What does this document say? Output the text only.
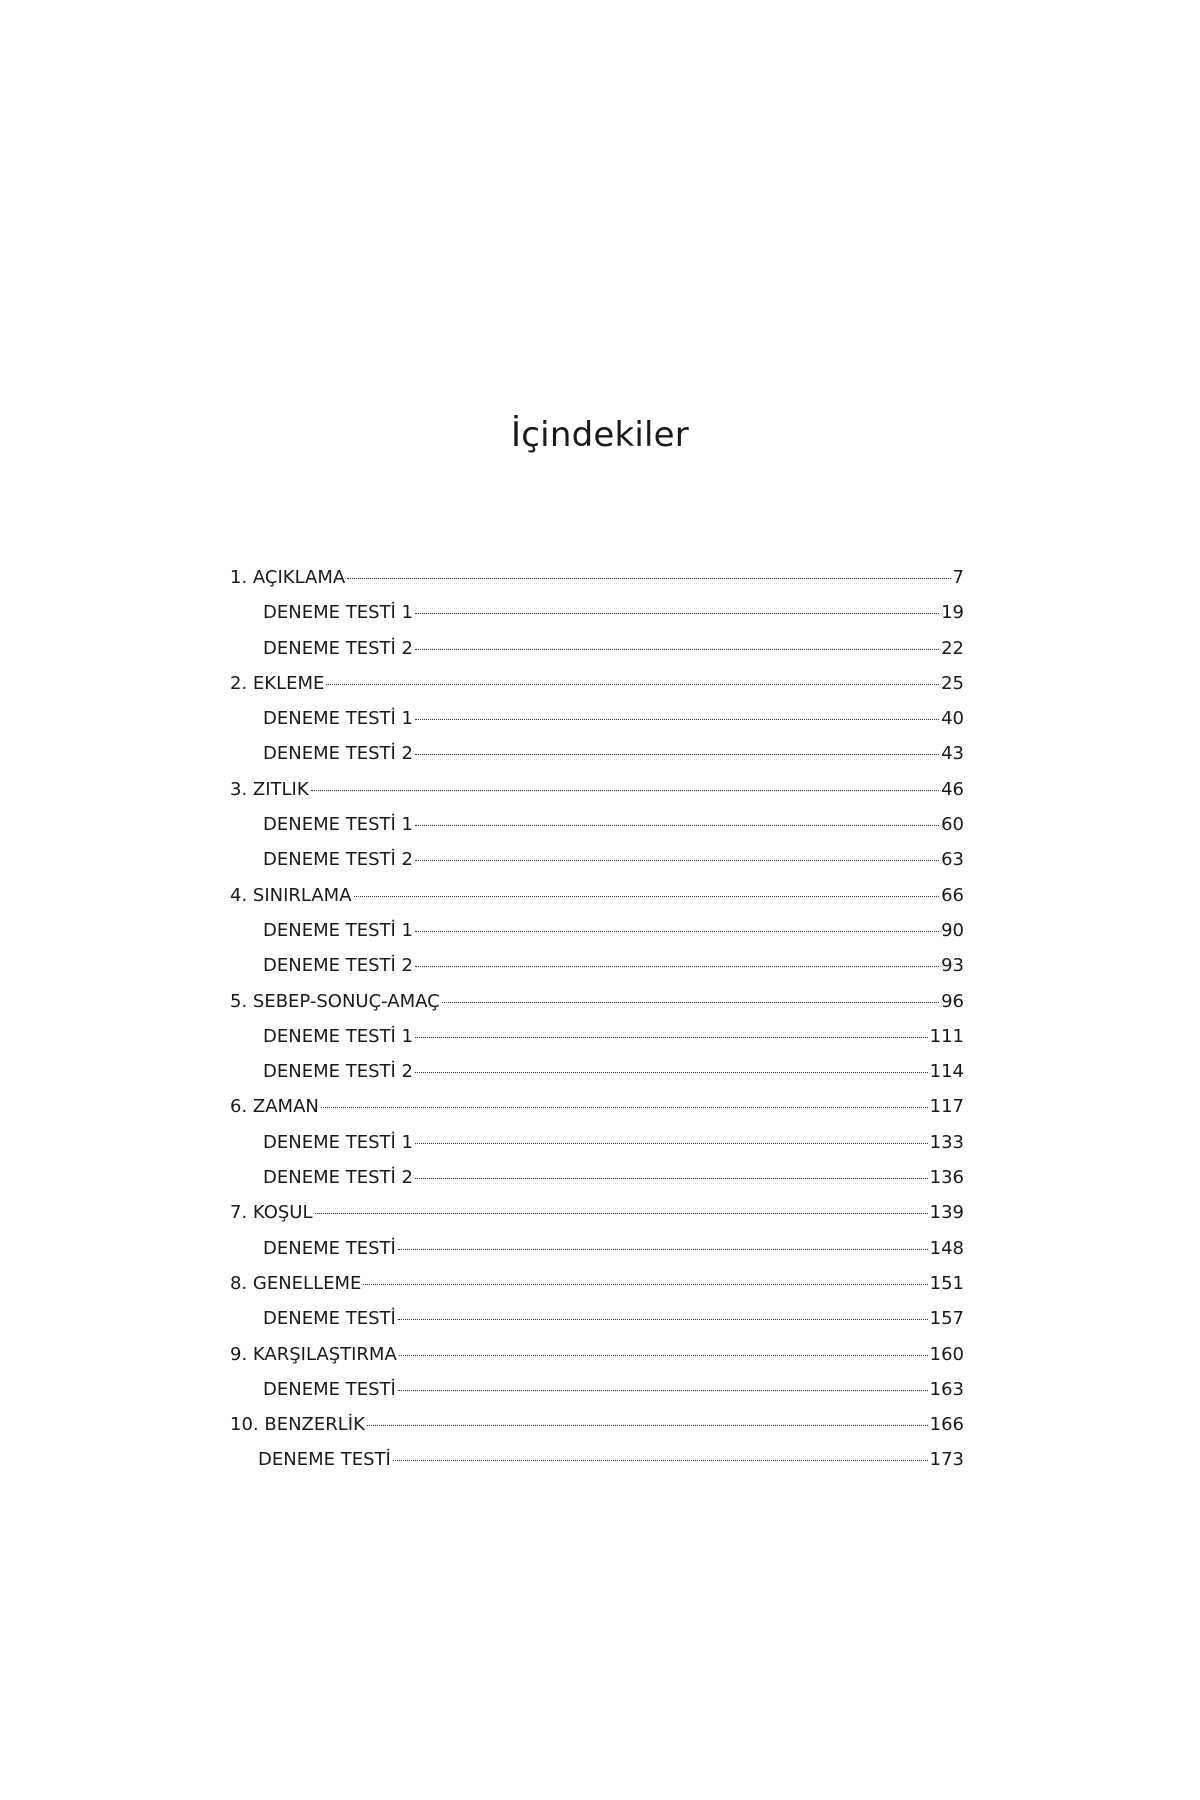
İçindekiler
1. AÇIKLAMA	7
DENEME TESTİ 1	19
DENEME TESTİ 2	22
2. EKLEME	25
DENEME TESTİ 1	40
DENEME TESTİ 2	43
3. ZITLIK	46
DENEME TESTİ 1	60
DENEME TESTİ 2	63
4. SINIRLAMA	66
DENEME TESTİ 1	90
DENEME TESTİ 2	93
5. SEBEP-SONUÇ-AMAÇ	96
DENEME TESTİ 1	111
DENEME TESTİ 2	114
6. ZAMAN	117
DENEME TESTİ 1	133
DENEME TESTİ 2	136
7. KOŞUL	139
DENEME TESTİ	148
8. GENELLEME	151
DENEME TESTİ	157
9. KARŞILAŞTIRMA	160
DENEME TESTİ	163
10. BENZERLİK	166
DENEME TESTİ	173
